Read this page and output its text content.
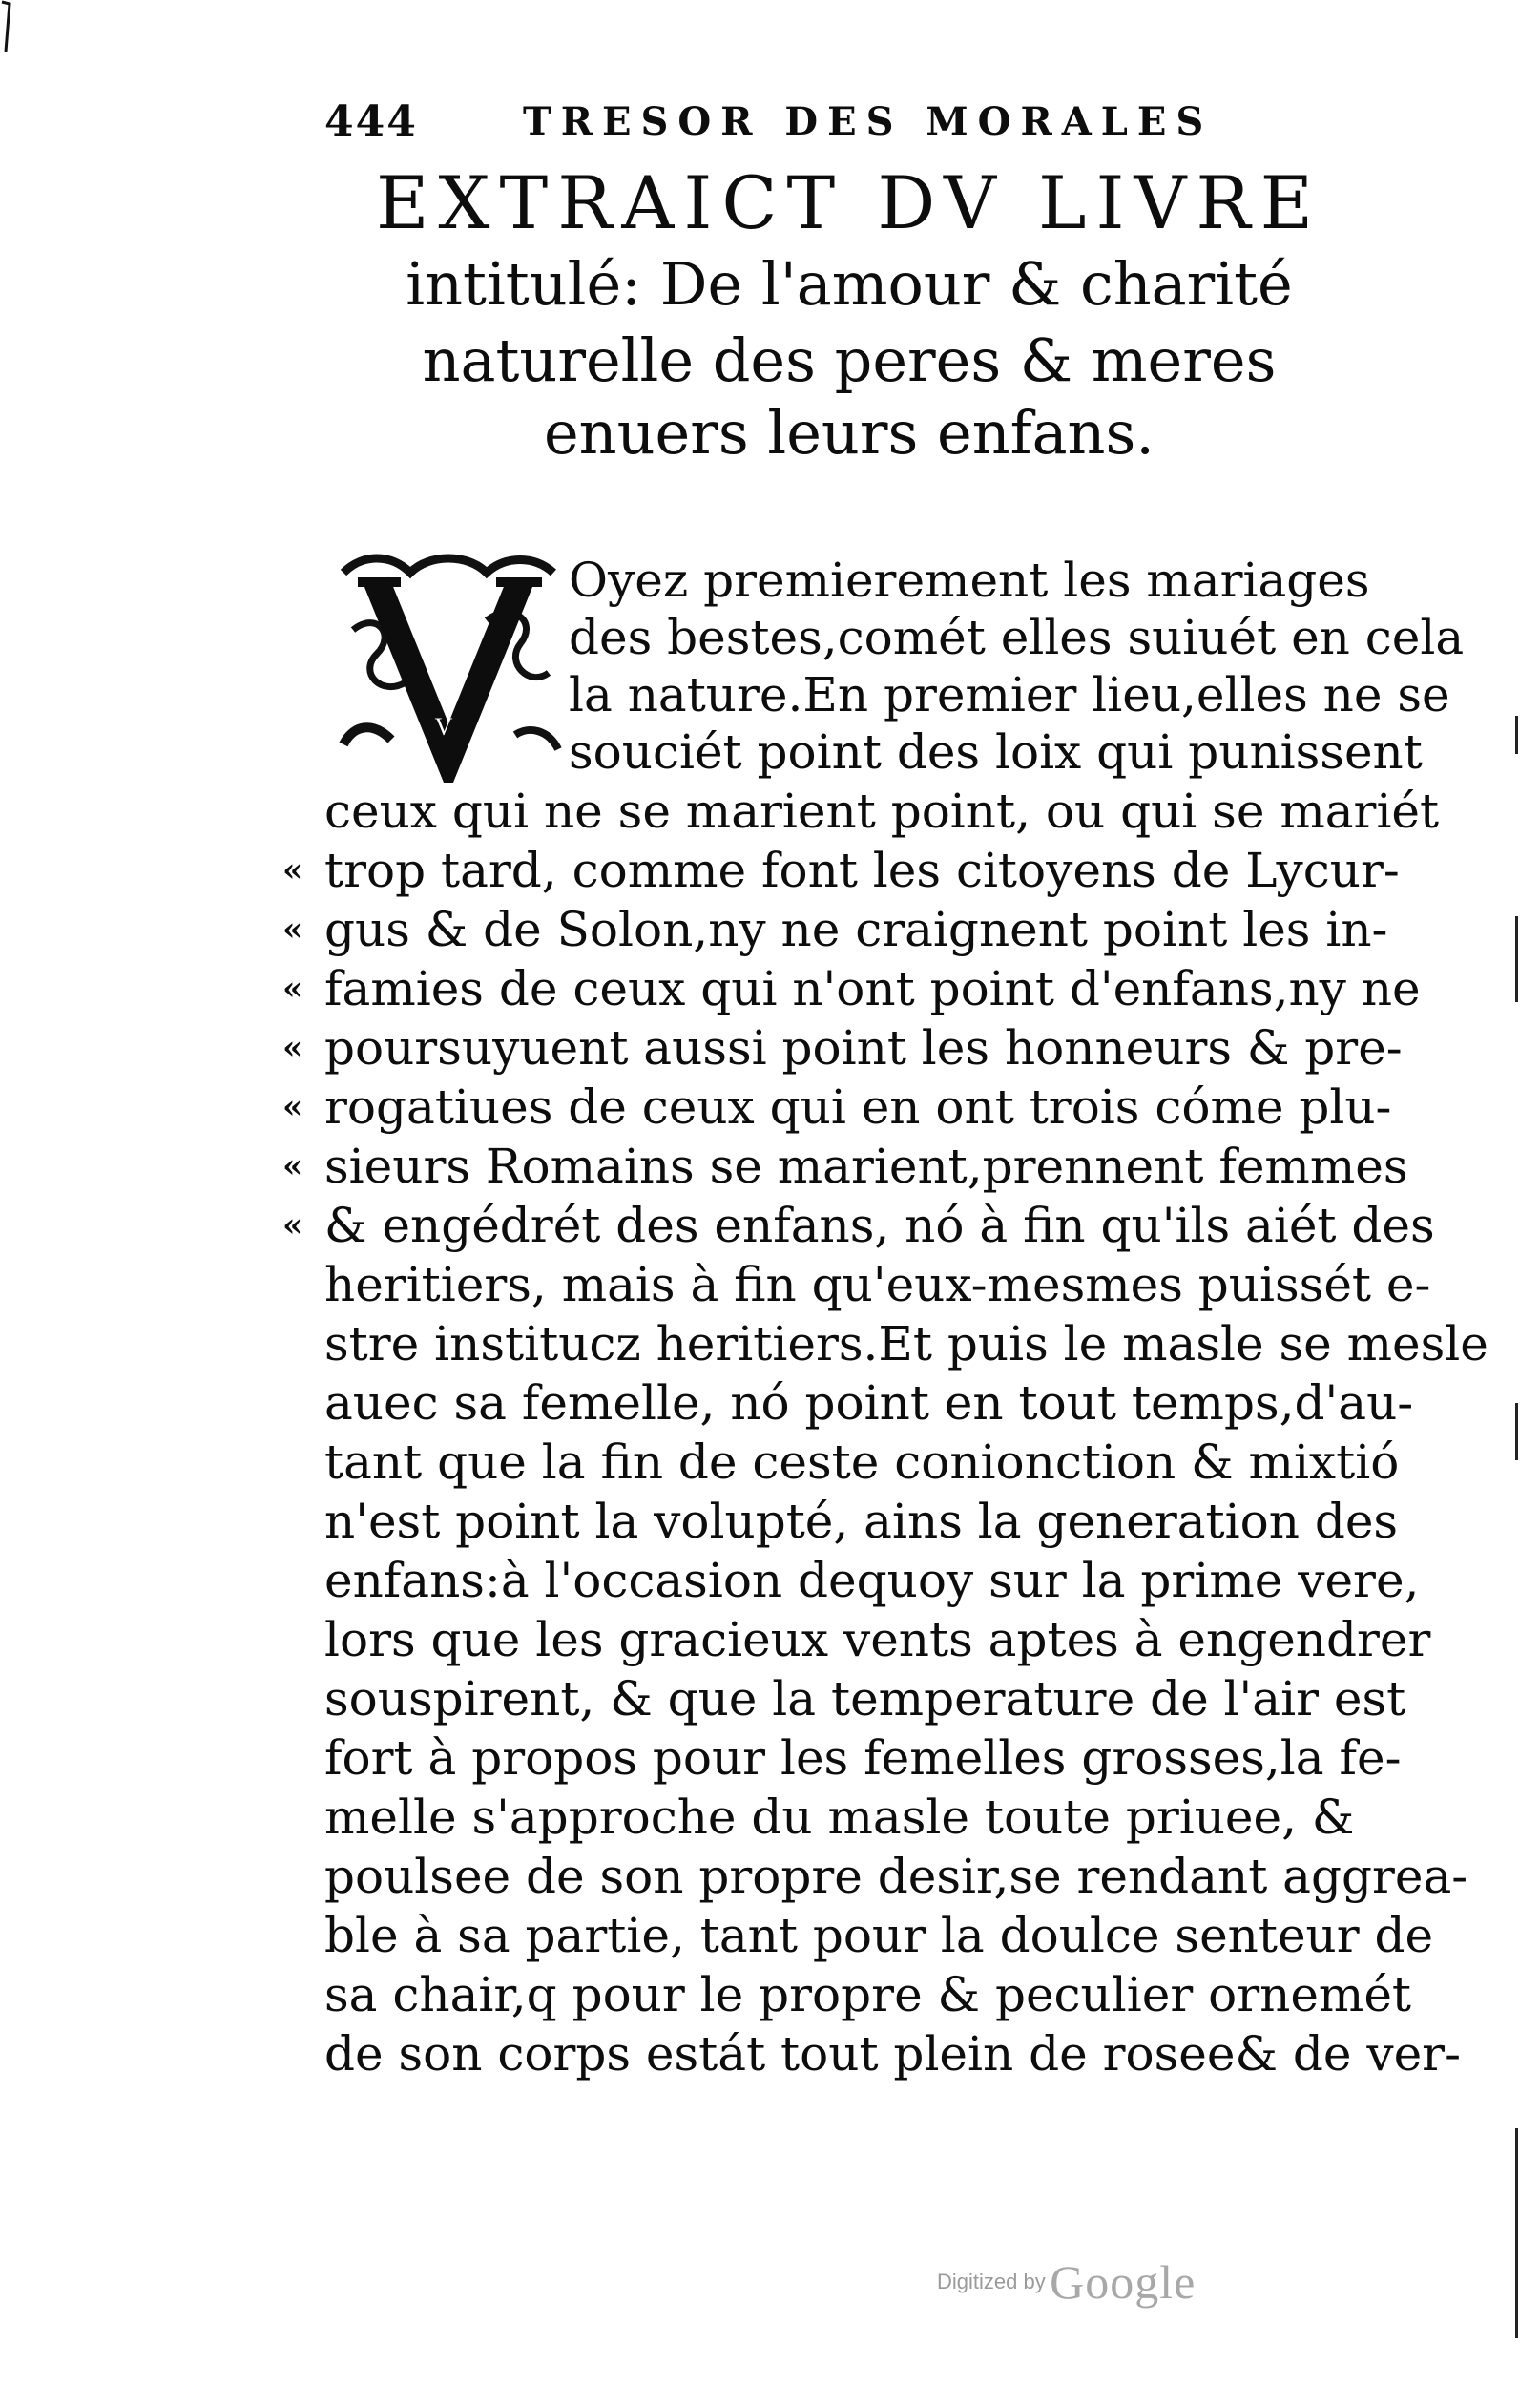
444	TRESOR DES MORALES
EXTRAICT DV LIVRE
intitulé: De l'amour & charité
naturelle des peres & meres
enuers leurs enfans.
V
Oyez premierement les mariages
des bestes,comét elles suiuét en cela
la nature.En premier lieu,elles ne se
souciét point des loix qui punissent
ceux qui ne se marient point, ou qui se mariét
« trop tard, comme font les citoyens de Lycur-
« gus & de Solon,ny ne craignent point les in-
« famies de ceux qui n'ont point d'enfans,ny ne
« poursuyuent aussi point les honneurs & pre-
« rogatiues de ceux qui en ont trois cóme plu-
« sieurs Romains se marient,prennent femmes
« & engédrét des enfans, nó à fin qu'ils aiét des
heritiers, mais à fin qu'eux-mesmes puissét e-
stre institucz heritiers.Et puis le masle se mesle
auec sa femelle, nó point en tout temps,d'au-
tant que la fin de ceste conionction & mixtió
n'est point la volupté, ains la generation des
enfans:à l'occasion dequoy sur la prime vere,
lors que les gracieux vents aptes à engendrer
souspirent, & que la temperature de l'air est
fort à propos pour les femelles grosses,la fe-
melle s'approche du masle toute priuee, &
poulsee de son propre desir,se rendant aggrea-
ble à sa partie, tant pour la doulce senteur de
sa chair,q pour le propre & peculier ornemét
de son corps estát tout plein de rosee& de ver-
Digitized by Google
